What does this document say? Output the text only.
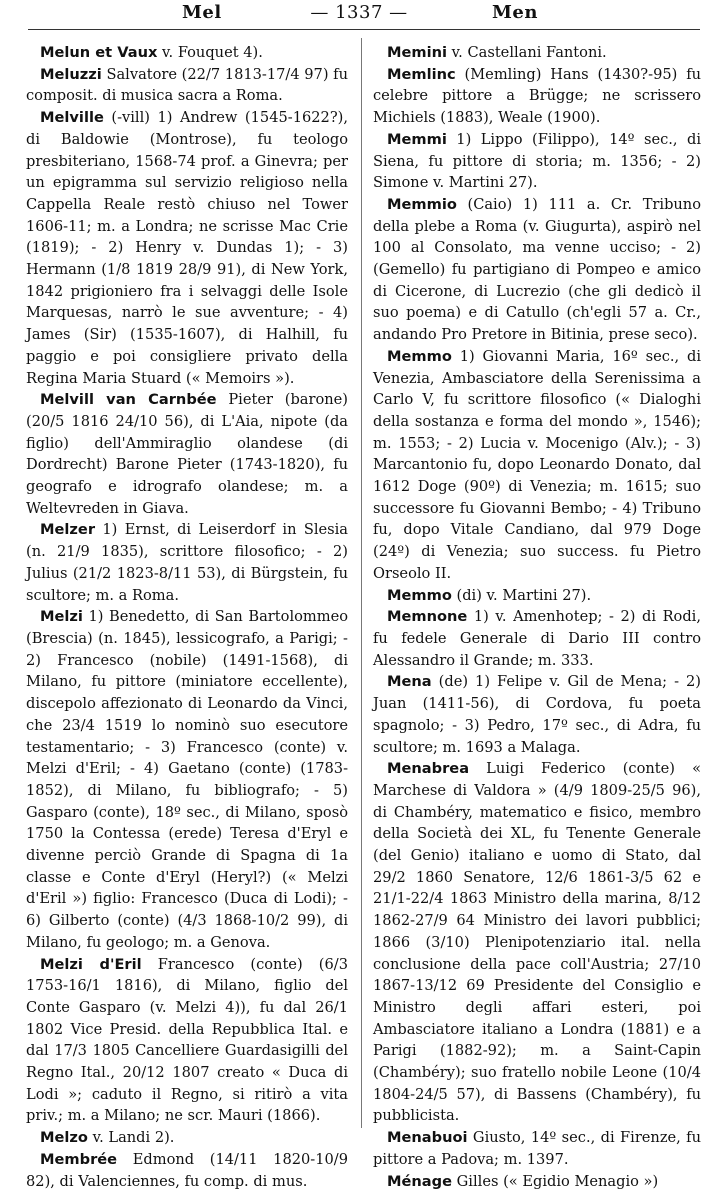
Mel	— 1337 —	Men

Melun et Vaux v. Fouquet 4).

Meluzzi Salvatore (22/7 1813-17/4 97) fu composit. di musica sacra a Roma.

Melville (-vill) 1) Andrew (1545-1622?), di Baldowie (Montrose), fu teologo presbiteriano, 1568-74 prof. a Ginevra; per un epigramma sul servizio religioso nella Cappella Reale restò chiuso nel Tower 1606-11; m. a Londra; ne scrisse Mac Crie (1819); - 2) Henry v. Dundas 1); - 3) Hermann (1/8 1819 28/9 91), di New York, 1842 prigioniero fra i selvaggi delle Isole Marquesas, narrò le sue avventure; - 4) James (Sir) (1535-1607), di Halhill, fu paggio e poi consigliere privato della Regina Maria Stuard (« Memoirs »).

Melvill van Carnbée Pieter (barone) (20/5 1816 24/10 56), di L'Aia, nipote (da figlio) dell'Ammiraglio olandese (di Dordrecht) Barone Pieter (1743-1820), fu geografo e idrografo olandese; m. a Weltevreden in Giava.

Melzer 1) Ernst, di Leiserdorf in Slesia (n. 21/9 1835), scrittore filosofico; - 2) Julius (21/2 1823-8/11 53), di Bürgstein, fu scultore; m. a Roma.

Melzi 1) Benedetto, di San Bartolommeo (Brescia) (n. 1845), lessicografo, a Parigi; - 2) Francesco (nobile) (1491-1568), di Milano, fu pittore (miniatore eccellente), discepolo affezionato di Leonardo da Vinci, che 23/4 1519 lo nominò suo esecutore testamentario; - 3) Francesco (conte) v. Melzi d'Eril; - 4) Gaetano (conte) (1783-1852), di Milano, fu bibliografo; - 5) Gasparo (conte), 18º sec., di Milano, sposò 1750 la Contessa (erede) Teresa d'Eryl e divenne perciò Grande di Spagna di 1a classe e Conte d'Eryl (Heryl?) (« Melzi d'Eril ») figlio: Francesco (Duca di Lodi); - 6) Gilberto (conte) (4/3 1868-10/2 99), di Milano, fu geologo; m. a Genova.

Melzi d'Eril Francesco (conte) (6/3 1753-16/1 1816), di Milano, figlio del Conte Gasparo (v. Melzi 4)), fu dal 26/1 1802 Vice Presid. della Repubblica Ital. e dal 17/3 1805 Cancelliere Guardasigilli del Regno Ital., 20/12 1807 creato « Duca di Lodi »; caduto il Regno, si ritirò a vita priv.; m. a Milano; ne scr. Mauri (1866).

Melzo v. Landi 2).

Membrée Edmond (14/11 1820-10/9 82), di Valenciennes, fu comp. di mus.

Memini v. Castellani Fantoni.

Memlinc (Memling) Hans (1430?-95) fu celebre pittore a Brügge; ne scrissero Michiels (1883), Weale (1900).

Memmi 1) Lippo (Filippo), 14º sec., di Siena, fu pittore di storia; m. 1356; - 2) Simone v. Martini 27).

Memmio (Caio) 1) 111 a. Cr. Tribuno della plebe a Roma (v. Giugurta), aspirò nel 100 al Consolato, ma venne ucciso; - 2) (Gemello) fu partigiano di Pompeo e amico di Cicerone, di Lucrezio (che gli dedicò il suo poema) e di Catullo (ch'egli 57 a. Cr., andando Pro Pretore in Bitinia, prese seco).

Memmo 1) Giovanni Maria, 16º sec., di Venezia, Ambasciatore della Serenissima a Carlo V, fu scrittore filosofico (« Dialoghi della sostanza e forma del mondo », 1546); m. 1553; - 2) Lucia v. Mocenigo (Alv.); - 3) Marcantonio fu, dopo Leonardo Donato, dal 1612 Doge (90º) di Venezia; m. 1615; suo successore fu Giovanni Bembo; - 4) Tribuno fu, dopo Vitale Candiano, dal 979 Doge (24º) di Venezia; suo success. fu Pietro Orseolo II.

Memmo (di) v. Martini 27).

Memnone 1) v. Amenhotep; - 2) di Rodi, fu fedele Generale di Dario III contro Alessandro il Grande; m. 333.

Mena (de) 1) Felipe v. Gil de Mena; - 2) Juan (1411-56), di Cordova, fu poeta spagnolo; - 3) Pedro, 17º sec., di Adra, fu scultore; m. 1693 a Malaga.

Menabrea Luigi Federico (conte) « Marchese di Valdora » (4/9 1809-25/5 96), di Chambéry, matematico e fisico, membro della Società dei XL, fu Tenente Generale (del Genio) italiano e uomo di Stato, dal 29/2 1860 Senatore, 12/6 1861-3/5 62 e 21/1-22/4 1863 Ministro della marina, 8/12 1862-27/9 64 Ministro dei lavori pubblici; 1866 (3/10) Plenipotenziario ital. nella conclusione della pace coll'Austria; 27/10 1867-13/12 69 Presidente del Consiglio e Ministro degli affari esteri, poi Ambasciatore italiano a Londra (1881) e a Parigi (1882-92); m. a Saint-Capin (Chambéry); suo fratello nobile Leone (10/4 1804-24/5 57), di Bassens (Chambéry), fu pubblicista.

Menabuoi Giusto, 14º sec., di Firenze, fu pittore a Padova; m. 1397.

Ménage Gilles (« Egidio Menagio »)
